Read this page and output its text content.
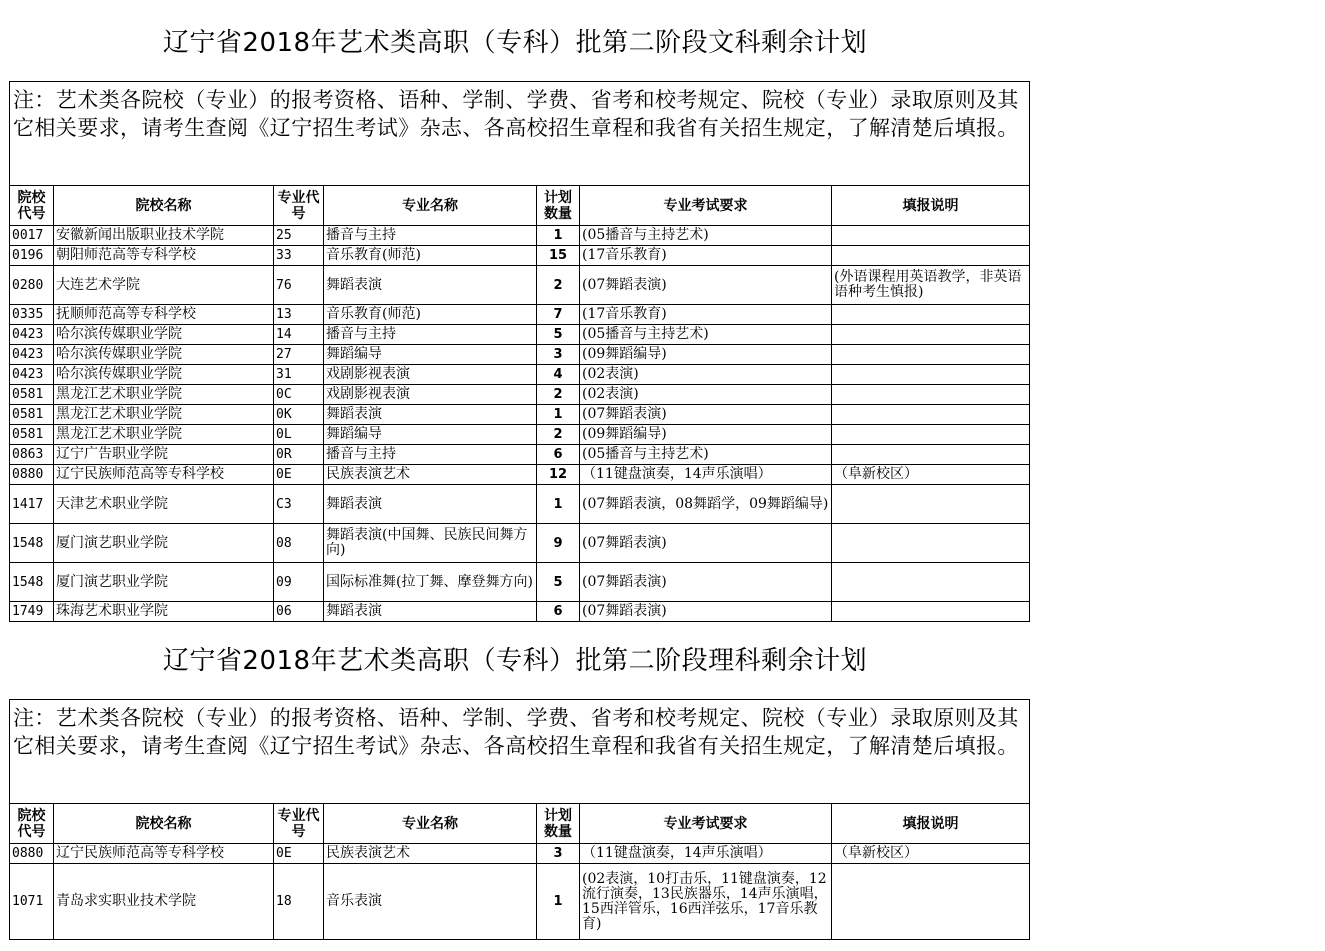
辽宁省2018年艺术类高职（专科）批第二阶段文科剩余计划
注：艺术类各院校（专业）的报考资格、语种、学制、学费、省考和校考规定、院校（专业）录取原则及其它相关要求，请考生查阅《辽宁招生考试》杂志、各高校招生章程和我省有关招生规定，了解清楚后填报。						
院校代号	院校名称	专业代号	专业名称	计划数量	专业考试要求	填报说明
0017	安徽新闻出版职业技术学院	25	播音与主持	1	(05播音与主持艺术)	
0196	朝阳师范高等专科学校	33	音乐教育(师范)	15	(17音乐教育)	
0280	大连艺术学院	76	舞蹈表演	2	(07舞蹈表演)	(外语课程用英语教学，非英语语种考生慎报)
0335	抚顺师范高等专科学校	13	音乐教育(师范)	7	(17音乐教育)	
0423	哈尔滨传媒职业学院	14	播音与主持	5	(05播音与主持艺术)	
0423	哈尔滨传媒职业学院	27	舞蹈编导	3	(09舞蹈编导)	
0423	哈尔滨传媒职业学院	31	戏剧影视表演	4	(02表演)	
0581	黑龙江艺术职业学院	0C	戏剧影视表演	2	(02表演)	
0581	黑龙江艺术职业学院	0K	舞蹈表演	1	(07舞蹈表演)	
0581	黑龙江艺术职业学院	0L	舞蹈编导	2	(09舞蹈编导)	
0863	辽宁广告职业学院	0R	播音与主持	6	(05播音与主持艺术)	
0880	辽宁民族师范高等专科学校	0E	民族表演艺术	12	（11键盘演奏，14声乐演唱）	（阜新校区）
1417	天津艺术职业学院	C3	舞蹈表演	1	(07舞蹈表演，08舞蹈学，09舞蹈编导)	
1548	厦门演艺职业学院	08	舞蹈表演(中国舞、民族民间舞方向)	9	(07舞蹈表演)	
1548	厦门演艺职业学院	09	国际标准舞(拉丁舞、摩登舞方向)	5	(07舞蹈表演)	
1749	珠海艺术职业学院	06	舞蹈表演	6	(07舞蹈表演)	
辽宁省2018年艺术类高职（专科）批第二阶段理科剩余计划
注：艺术类各院校（专业）的报考资格、语种、学制、学费、省考和校考规定、院校（专业）录取原则及其它相关要求，请考生查阅《辽宁招生考试》杂志、各高校招生章程和我省有关招生规定，了解清楚后填报。						
院校代号	院校名称	专业代号	专业名称	计划数量	专业考试要求	填报说明
0880	辽宁民族师范高等专科学校	0E	民族表演艺术	3	（11键盘演奏，14声乐演唱）	（阜新校区）
1071	青岛求实职业技术学院	18	音乐表演	1	(02表演，10打击乐，11键盘演奏，12流行演奏，13民族器乐，14声乐演唱，15西洋管乐，16西洋弦乐，17音乐教育)	
